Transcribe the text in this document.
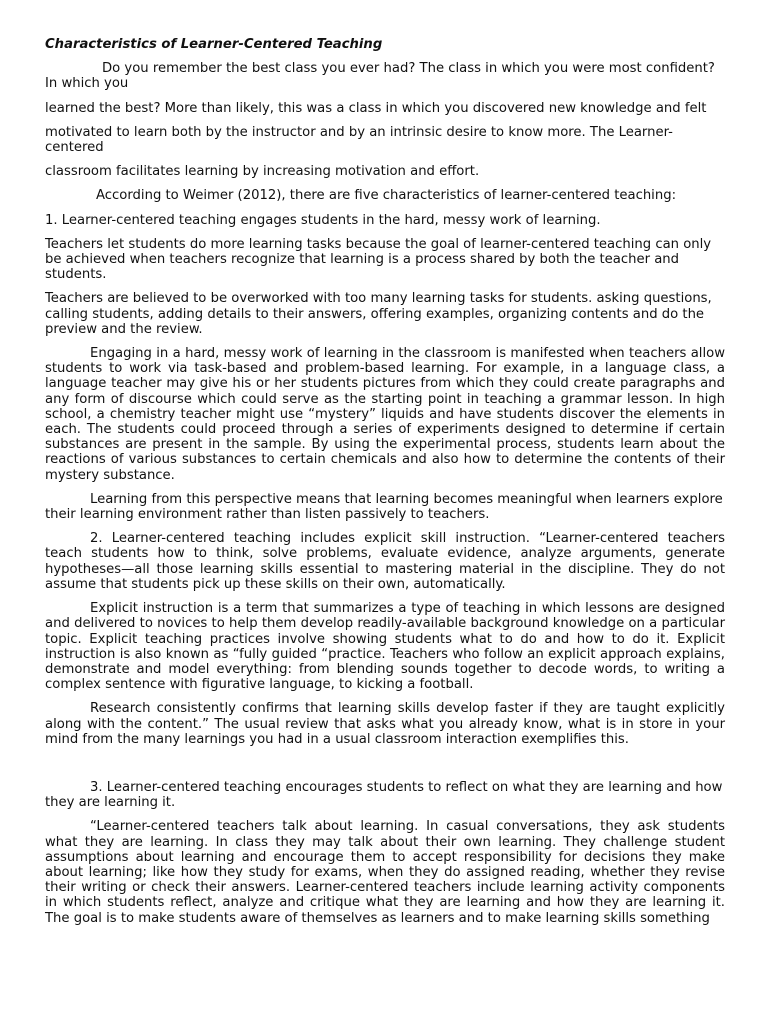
Characteristics of Learner-Centered Teaching

Do you remember the best class you ever had? The class in which you were most confident? In which you

learned the best? More than likely, this was a class in which you discovered new knowledge and felt

motivated to learn both by the instructor and by an intrinsic desire to know more. The Learner-centered

classroom facilitates learning by increasing motivation and effort.

According to Weimer (2012), there are five characteristics of learner-centered teaching:

1. Learner-centered teaching engages students in the hard, messy work of learning.

Teachers let students do more learning tasks because the goal of learner-centered teaching can only be achieved when teachers recognize that learning is a process shared by both the teacher and students.

Teachers are believed to be overworked with too many learning tasks for students. asking questions, calling students, adding details to their answers, offering examples, organizing contents and do the preview and the review.

Engaging in a hard, messy work of learning in the classroom is manifested when teachers allow students to work via task-based and problem-based learning. For example, in a language class, a language teacher may give his or her students pictures from which they could create paragraphs and any form of discourse which could serve as the starting point in teaching a grammar lesson. In high school, a chemistry teacher might use “mystery” liquids and have students discover the elements in each. The students could proceed through a series of experiments designed to determine if certain substances are present in the sample. By using the experimental process, students learn about the reactions of various substances to certain chemicals and also how to determine the contents of their mystery substance.

Learning from this perspective means that learning becomes meaningful when learners explore their learning environment rather than listen passively to teachers.

2. Learner-centered teaching includes explicit skill instruction. “Learner-centered teachers teach students how to think, solve problems, evaluate evidence, analyze arguments, generate hypotheses—all those learning skills essential to mastering material in the discipline. They do not assume that students pick up these skills on their own, automatically.

Explicit instruction is a term that summarizes a type of teaching in which lessons are designed and delivered to novices to help them develop readily-available background knowledge on a particular topic. Explicit teaching practices involve showing students what to do and how to do it. Explicit instruction is also known as “fully guided “practice. Teachers who follow an explicit approach explains, demonstrate and model everything: from blending sounds together to decode words, to writing a complex sentence with figurative language, to kicking a football.

Research consistently confirms that learning skills develop faster if they are taught explicitly along with the content.” The usual review that asks what you already know, what is in store in your mind from the many learnings you had in a usual classroom interaction exemplifies this.

3. Learner-centered teaching encourages students to reflect on what they are learning and how they are learning it.

“Learner-centered teachers talk about learning. In casual conversations, they ask students what they are learning. In class they may talk about their own learning. They challenge student assumptions about learning and encourage them to accept responsibility for decisions they make about learning; like how they study for exams, when they do assigned reading, whether they revise their writing or check their answers. Learner-centered teachers include learning activity components in which students reflect, analyze and critique what they are learning and how they are learning it. The goal is to make students aware of themselves as learners and to make learning skills something
